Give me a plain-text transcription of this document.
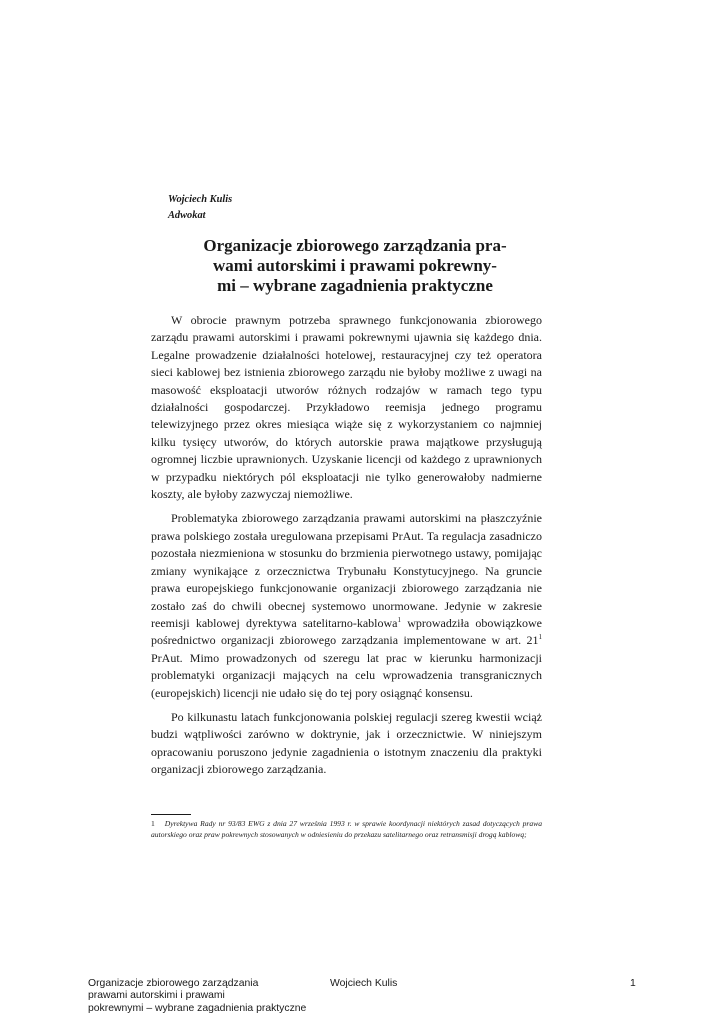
Wojciech Kulis
Adwokat
Organizacje zbiorowego zarządzania pra-
wami autorskimi i prawami pokrewny-
mi – wybrane zagadnienia praktyczne

W obrocie prawnym potrzeba sprawnego funkcjonowania zbiorowego zarządu prawami autorskimi i prawami pokrewnymi ujawnia się każdego dnia. Legalne prowadzenie działalności hotelowej, restauracyjnej czy też operatora sieci kablowej bez istnienia zbiorowego zarządu nie byłoby możliwe z uwagi na masowość eksploatacji utworów różnych rodzajów w ramach tego typu działalności gospodarczej. Przykładowo reemisja jednego programu telewizyjnego przez okres miesiąca wiąże się z wykorzystaniem co najmniej kilku tysięcy utworów, do których autorskie prawa majątkowe przysługują ogromnej liczbie uprawnionych. Uzyskanie licencji od każdego z uprawnionych w przypadku niektórych pól eksploatacji nie tylko generowałoby nadmierne koszty, ale byłoby zazwyczaj niemożliwe.

Problematyka zbiorowego zarządzania prawami autorskimi na płaszczyźnie prawa polskiego została uregulowana przepisami PrAut. Ta regulacja zasadniczo pozostała niezmieniona w stosunku do brzmienia pierwotnego ustawy, pomijając zmiany wynikające z orzecznictwa Trybunału Konstytucyjnego. Na gruncie prawa europejskiego funkcjonowanie organizacji zbiorowego zarządzania nie zostało zaś do chwili obecnej systemowo unormowane. Jedynie w zakresie reemisji kablowej dyrektywa satelitarno-kablowa$^1$ wprowadziła obowiązkowe pośrednictwo organizacji zbiorowego zarządzania implementowane w art. $21^1$ PrAut. Mimo prowadzonych od szeregu lat prac w kierunku harmonizacji problematyki organizacji mających na celu wprowadzenia transgranicznych (europejskich) licencji nie udało się do tej pory osiągnąć konsensu.

Po kilkunastu latach funkcjonowania polskiej regulacji szereg kwestii wciąż budzi wątpliwości zarówno w doktrynie, jak i orzecznictwie. W niniejszym opracowaniu poruszono jedynie zagadnienia o istotnym znaczeniu dla praktyki organizacji zbiorowego zarządzania.

1 Dyrektywa Rady nr 93/83 EWG z dnia 27 września 1993 r. w sprawie koordynacji niektórych zasad dotyczących prawa autorskiego oraz praw pokrewnych stosowanych w odniesieniu do przekazu satelitarnego oraz retransmisji drogą kablową;
Organizacje zbiorowego zarządzania
prawami autorskimi i prawami
pokrewnymi – wybrane zagadnienia praktyczne
Wojciech Kulis	1
